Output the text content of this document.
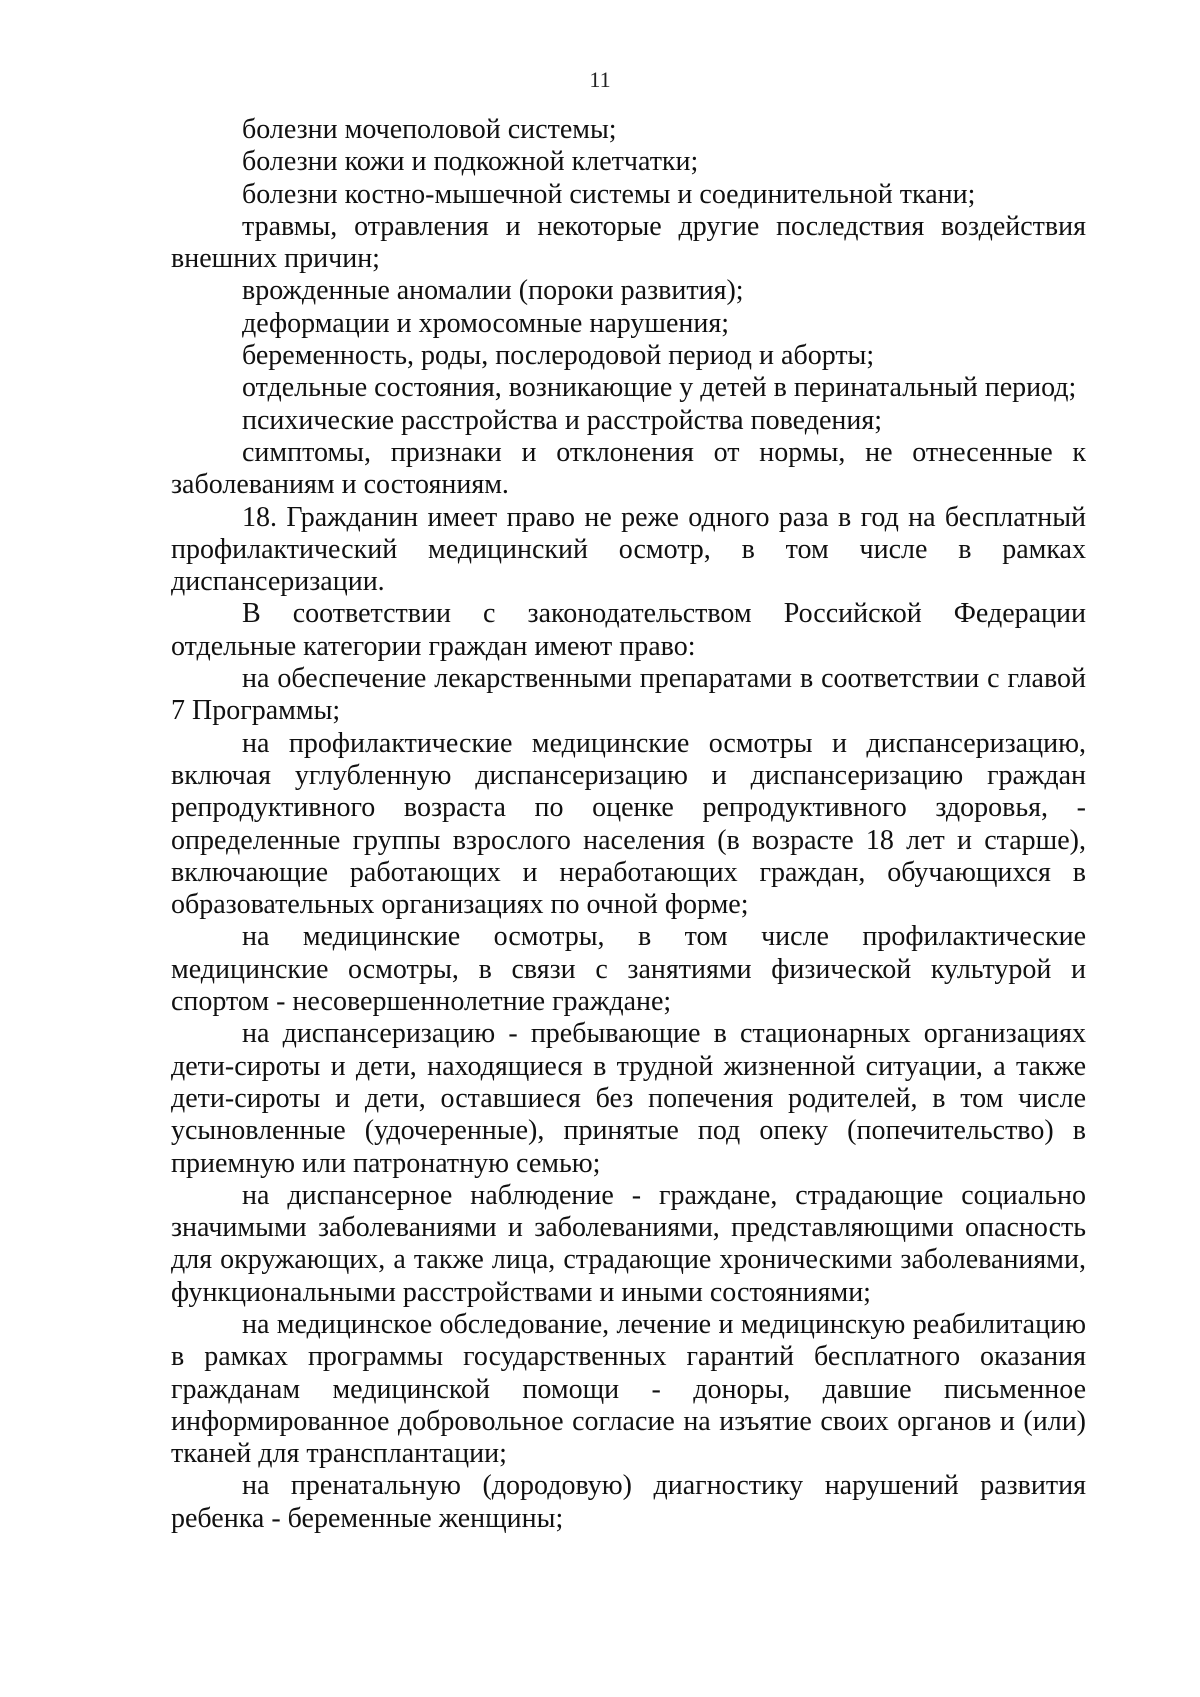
11

болезни мочеполовой системы;

болезни кожи и подкожной клетчатки;

болезни костно-мышечной системы и соединительной ткани;

травмы, отравления и некоторые другие последствия воздействия внешних причин;

врожденные аномалии (пороки развития);

деформации и хромосомные нарушения;

беременность, роды, послеродовой период и аборты;

отдельные состояния, возникающие у детей в перинатальный период;

психические расстройства и расстройства поведения;

симптомы, признаки и отклонения от нормы, не отнесенные к заболеваниям и состояниям.

18. Гражданин имеет право не реже одного раза в год на бесплатный профилактический медицинский осмотр, в том числе в рамках диспансеризации.

В соответствии с законодательством Российской Федерации отдельные категории граждан имеют право:

на обеспечение лекарственными препаратами в соответствии с главой 7 Программы;

на профилактические медицинские осмотры и диспансеризацию, включая углубленную диспансеризацию и диспансеризацию граждан репродуктивного возраста по оценке репродуктивного здоровья, - определенные группы взрослого населения (в возрасте 18 лет и старше), включающие работающих и неработающих граждан, обучающихся в образовательных организациях по очной форме;

на медицинские осмотры, в том числе профилактические медицинские осмотры, в связи с занятиями физической культурой и спортом - несовершеннолетние граждане;

на диспансеризацию - пребывающие в стационарных организациях дети-сироты и дети, находящиеся в трудной жизненной ситуации, а также дети-сироты и дети, оставшиеся без попечения родителей, в том числе усыновленные (удочеренные), принятые под опеку (попечительство) в приемную или патронатную семью;

на диспансерное наблюдение - граждане, страдающие социально значимыми заболеваниями и заболеваниями, представляющими опасность для окружающих, а также лица, страдающие хроническими заболеваниями, функциональными расстройствами и иными состояниями;

на медицинское обследование, лечение и медицинскую реабилитацию в рамках программы государственных гарантий бесплатного оказания гражданам медицинской помощи - доноры, давшие письменное информированное добровольное согласие на изъятие своих органов и (или) тканей для трансплантации;

на пренатальную (дородовую) диагностику нарушений развития ребенка - беременные женщины;
